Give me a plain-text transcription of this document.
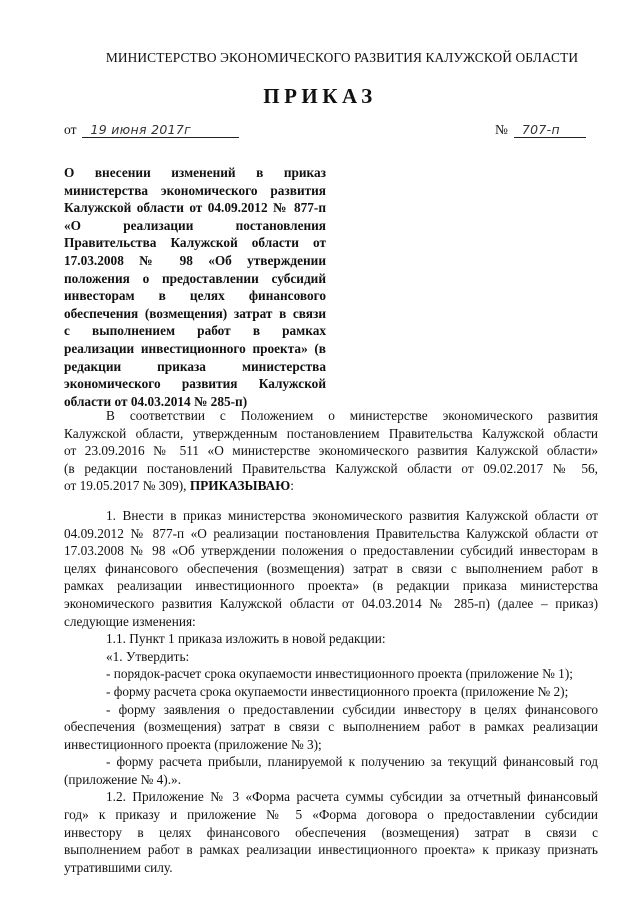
МИНИСТЕРСТВО ЭКОНОМИЧЕСКОГО РАЗВИТИЯ КАЛУЖСКОЙ ОБЛАСТИ
ПРИКАЗ
от	19 июня 2017г	№	707-п
О внесении изменений в приказ
министерства экономического развития
Калужской области от 04.09.2012 № 877-п
«О реализации постановления
Правительства Калужской области от
17.03.2008 № 98 «Об утверждении
положения о предоставлении субсидий
инвесторам в целях финансового
обеспечения (возмещения) затрат в связи
с выполнением работ в рамках
реализации инвестиционного проекта» (в
редакции приказа министерства
экономического развития Калужской
области от 04.03.2014 № 285-п)
В соответствии с Положением о министерстве экономического развития
Калужской области, утвержденным постановлением Правительства Калужской области
от 23.09.2016 № 511 «О министерстве экономического развития Калужской области»
(в редакции постановлений Правительства Калужской области от 09.02.2017 № 56,
от 19.05.2017 № 309), ПРИКАЗЫВАЮ:
1. Внести в приказ министерства экономического развития Калужской области от
04.09.2012 № 877-п «О реализации постановления Правительства Калужской области от
17.03.2008 № 98 «Об утверждении положения о предоставлении субсидий инвесторам в
целях финансового обеспечения (возмещения) затрат в связи с выполнением работ в
рамках реализации инвестиционного проекта» (в редакции приказа министерства
экономического развития Калужской области от 04.03.2014 № 285-п) (далее – приказ)
следующие изменения:
1.1. Пункт 1 приказа изложить в новой редакции:
«1. Утвердить:
- порядок-расчет срока окупаемости инвестиционного проекта (приложение № 1);
- форму расчета срока окупаемости инвестиционного проекта (приложение № 2);
- форму заявления о предоставлении субсидии инвестору в целях финансового
обеспечения (возмещения) затрат в связи с выполнением работ в рамках реализации
инвестиционного проекта (приложение № 3);
- форму расчета прибыли, планируемой к получению за текущий финансовый год
(приложение № 4).».
1.2. Приложение № 3 «Форма расчета суммы субсидии за отчетный финансовый
год» к приказу и приложение № 5 «Форма договора о предоставлении субсидии
инвестору в целях финансового обеспечения (возмещения) затрат в связи с
выполнением работ в рамках реализации инвестиционного проекта» к приказу признать
утратившими силу.
